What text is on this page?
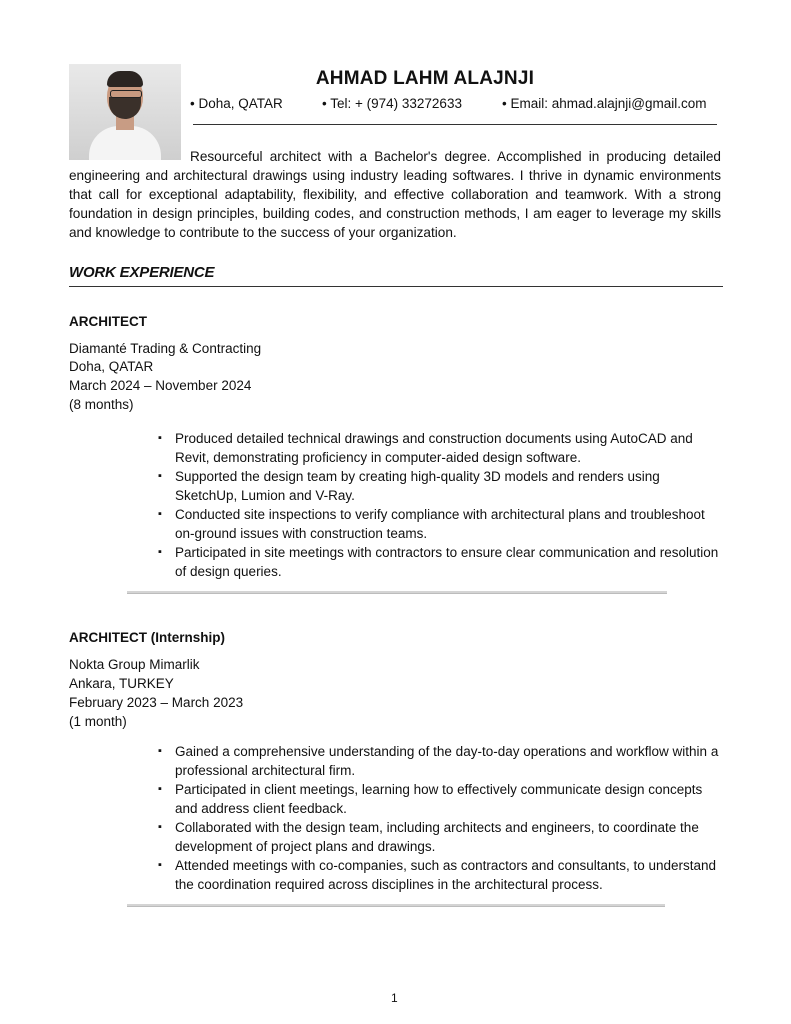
AHMAD LAHM ALAJNJI
• Doha, QATAR	• Tel: + (974) 33272633	• Email: ahmad.alajnji@gmail.com
Resourceful architect with a Bachelor's degree. Accomplished in producing detailed engineering and architectural drawings using industry leading softwares. I thrive in dynamic environments that call for exceptional adaptability, flexibility, and effective collaboration and teamwork. With a strong foundation in design principles, building codes, and construction methods, I am eager to leverage my skills and knowledge to contribute to the success of your organization.
WORK EXPERIENCE
ARCHITECT
Diamanté Trading & Contracting
Doha, QATAR
March 2024 – November 2024
(8 months)
▪ Produced detailed technical drawings and construction documents using AutoCAD and Revit, demonstrating proficiency in computer-aided design software.
▪ Supported the design team by creating high-quality 3D models and renders using SketchUp, Lumion and V-Ray.
▪ Conducted site inspections to verify compliance with architectural plans and troubleshoot on-ground issues with construction teams.
▪ Participated in site meetings with contractors to ensure clear communication and resolution of design queries.
ARCHITECT (Internship)
Nokta Group Mimarlik
Ankara, TURKEY
February 2023 – March 2023
(1 month)
▪ Gained a comprehensive understanding of the day-to-day operations and workflow within a professional architectural firm.
▪ Participated in client meetings, learning how to effectively communicate design concepts and address client feedback.
▪ Collaborated with the design team, including architects and engineers, to coordinate the development of project plans and drawings.
▪ Attended meetings with co-companies, such as contractors and consultants, to understand the coordination required across disciplines in the architectural process.
1
